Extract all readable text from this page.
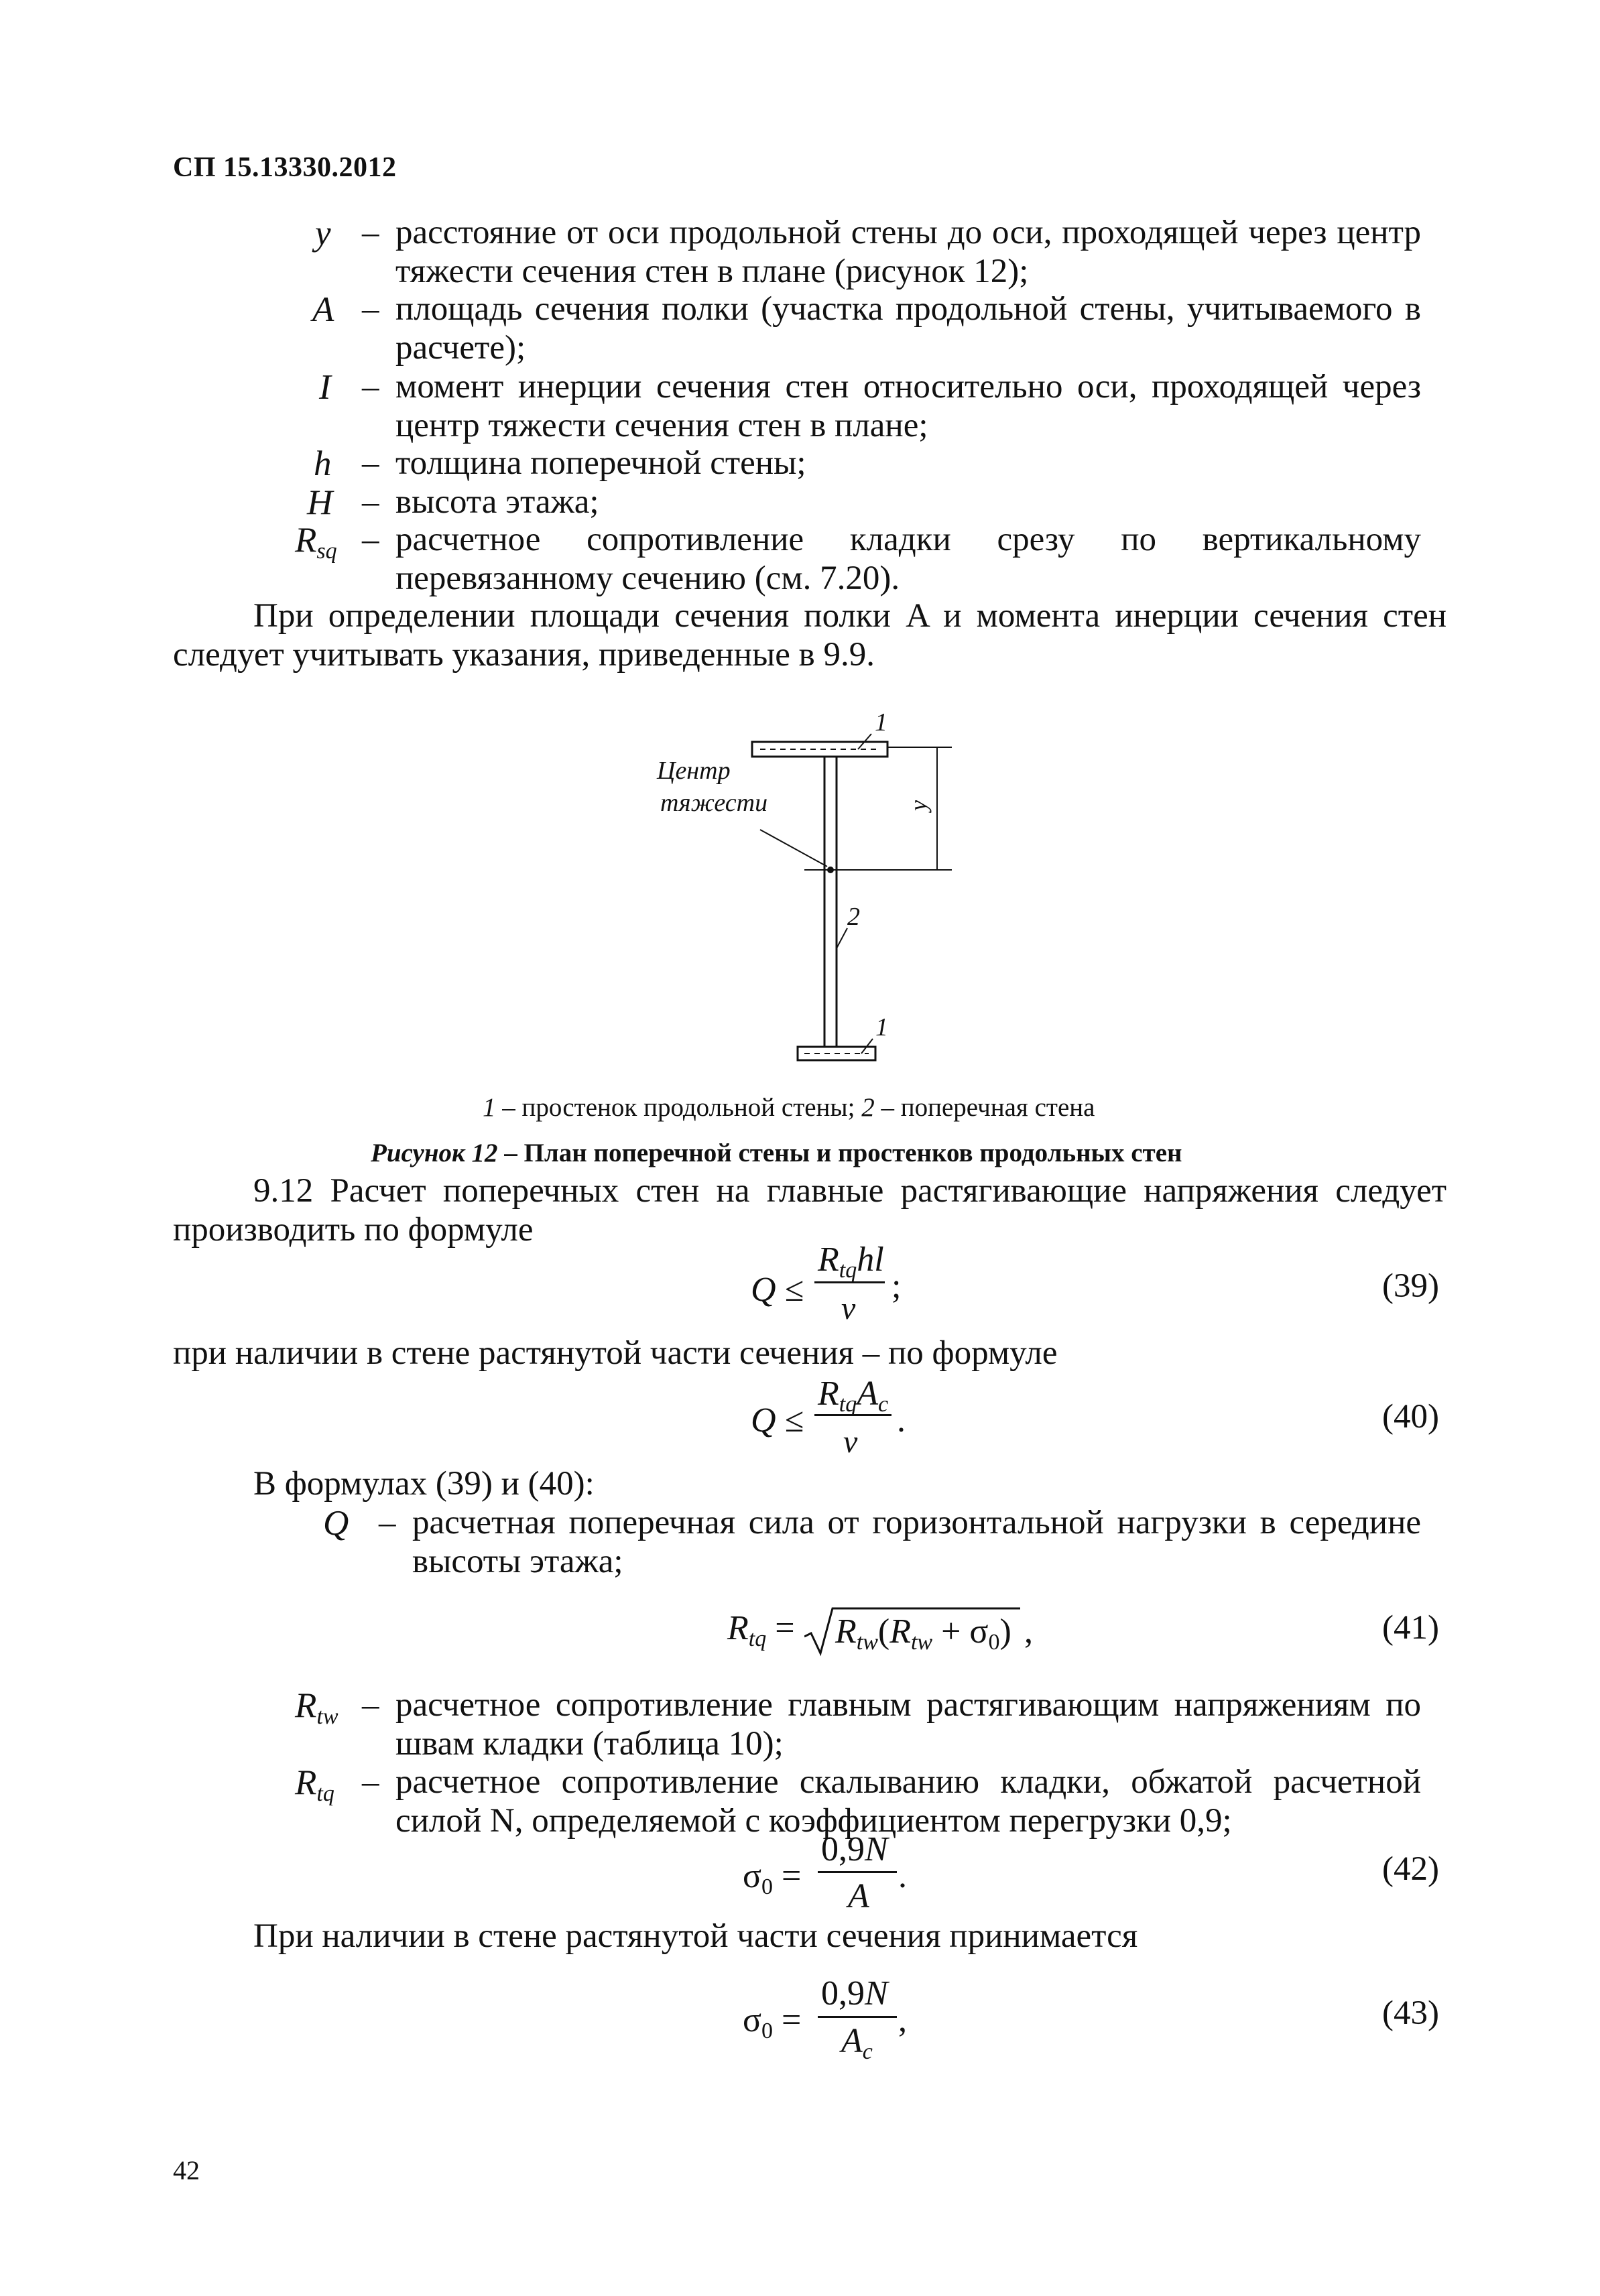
СП 15.13330.2012
y – расстояние от оси продольной стены до оси, проходящей через центр
тяжести сечения стен в плане (рисунок 12);
A – площадь сечения полки (участка продольной стены, учитываемого в
расчете);
I – момент инерции сечения стен относительно оси, проходящей через
центр тяжести сечения стен в плане;
h – толщина поперечной стены;
H – высота этажа;
$R_{sq}$ – расчетное сопротивление кладки срезу по вертикальному
перевязанному сечению (см. 7.20).
При определении площади сечения полки A и момента инерции сечения стен
следует учитывать указания, приведенные в 9.9.
Центр
тяжести
1
2
1
y
1 – простенок продольной стены; 2 – поперечная стена
Рисунок 12 – План поперечной стены и простенков продольных стен
9.12 Расчет поперечных стен на главные растягивающие напряжения следует
производить по формуле
Q ≤
$R_{tq}hl$
v
;	(39)
при наличии в стене растянутой части сечения – по формуле
Q ≤
$R_{tq}A_c$
v
.	(40)
В формулах (39) и (40):
Q – расчетная поперечная сила от горизонтальной нагрузки в середине
высоты этажа;
$R_{tq} = R_{tw}(R_{tw} + \sigma_0)$ ,	(41)
$R_{tw}$ – расчетное сопротивление главным растягивающим напряжениям по
швам кладки (таблица 10);
$R_{tq}$ – расчетное сопротивление скалыванию кладки, обжатой расчетной
силой N, определяемой с коэффициентом перегрузки 0,9;
$\sigma_0$ =
0,9N
A
.	(42)
При наличии в стене растянутой части сечения принимается
$\sigma_0$ =
0,9N
$A_c$
,	(43)
42
